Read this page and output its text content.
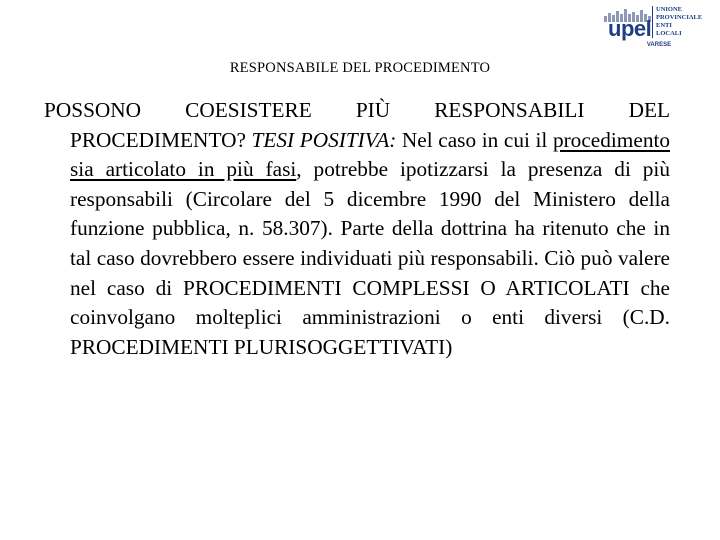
upel
UNIONE
PROVINCIALE
ENTI
LOCALI
VARESE
RESPONSABILE DEL PROCEDIMENTO

POSSONO COESISTERE PIÙ RESPONSABILI DEL PROCEDIMENTO? TESI POSITIVA: Nel caso in cui il procedimento sia articolato in più fasi, potrebbe ipotizzarsi la presenza di più responsabili (Circolare del 5 dicembre 1990 del Ministero della funzione pubblica, n. 58.307). Parte della dottrina ha ritenuto che in tal caso dovrebbero essere individuati più responsabili. Ciò può valere nel caso di PROCEDIMENTI COMPLESSI O ARTICOLATI che coinvolgano molteplici amministrazioni o enti diversi (C.D. PROCEDIMENTI PLURISOGGETTIVATI)
